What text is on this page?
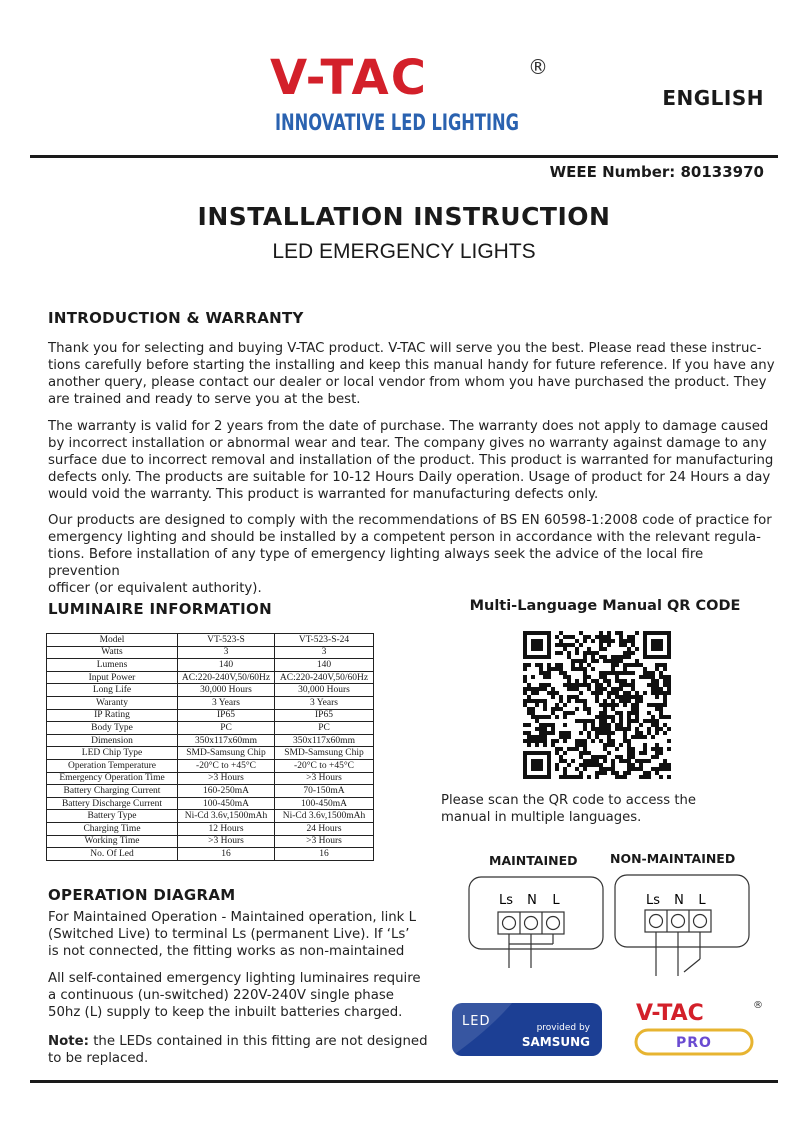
V-TAC	®
INNOVATIVE LED LIGHTING
ENGLISH
WEEE Number: 80133970
INSTALLATION INSTRUCTION
LED EMERGENCY LIGHTS
INTRODUCTION & WARRANTY
Thank you for selecting and buying V-TAC product. V-TAC will serve you the best. Please read these instruc-
tions carefully before starting the installing and keep this manual handy for future reference. If you have any
another query, please contact our dealer or local vendor from whom you have purchased the product. They
are trained and ready to serve you at the best.
The warranty is valid for 2 years from the date of purchase. The warranty does not apply to damage caused
by incorrect installation or abnormal wear and tear. The company gives no warranty against damage to any
surface due to incorrect removal and installation of the product. This product is warranted for manufacturing
defects only. The products are suitable for 10-12 Hours Daily operation. Usage of product for 24 Hours a day
would void the warranty. This product is warranted for manufacturing defects only.
Our products are designed to comply with the recommendations of BS EN 60598-1:2008 code of practice for
emergency lighting and should be installed by a competent person in accordance with the relevant regula-
tions. Before installation of any type of emergency lighting always seek the advice of the local fire prevention
officer (or equivalent authority).
LUMINAIRE INFORMATION
Model	VT-523-S	VT-523-S-24
Watts	3	3
Lumens	140	140
Input Power	AC:220-240V,50/60Hz	AC:220-240V,50/60Hz
Long Life	30,000 Hours	30,000 Hours
Waranty	3 Years	3 Years
IP Rating	IP65	IP65
Body Type	PC	PC
Dimension	350x117x60mm	350x117x60mm
LED Chip Type	SMD-Samsung Chip	SMD-Samsung Chip
Operation Temperature	-20°C to +45°C	-20°C to +45°C
Emergency Operation Time	>3 Hours	>3 Hours
Battery Charging Current	160-250mA	70-150mA
Battery Discharge Current	100-450mA	100-450mA
Battery Type	Ni-Cd 3.6v,1500mAh	Ni-Cd 3.6v,1500mAh
Charging Time	12 Hours	24 Hours
Working Time	>3 Hours	>3 Hours
No. Of Led	16	16
Multi-Language Manual QR CODE
Please scan the QR code to access the
manual in multiple languages.
OPERATION DIAGRAM
For Maintained Operation - Maintained operation, link L
(Switched Live) to terminal Ls (permanent Live). If ‘Ls’
is not connected, the fitting works as non-maintained
All self-contained emergency lighting luminaires require
a continuous (un-switched) 220V-240V single phase
50hz (L) supply to keep the inbuilt batteries charged.
Note: the LEDs contained in this fitting are not designed
to be replaced.
MAINTAINED	NON-MAINTAINED
Ls N L	Ls N L
LED	provided by
SAMSUNG
V-TAC	®
PRO
